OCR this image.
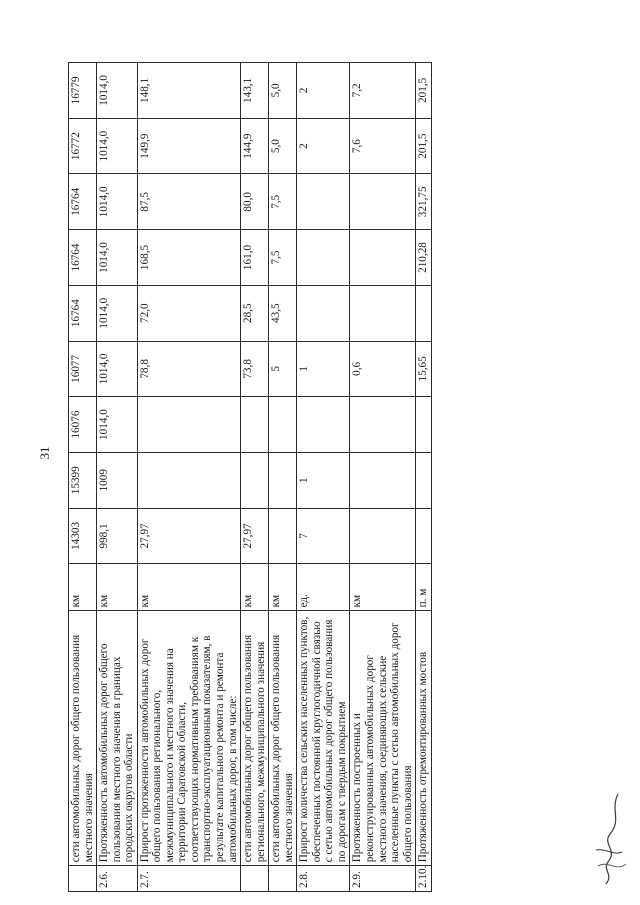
31
	сети автомобильных дорог общего пользования местного значения	км	14303	15399	16076	16077	16764	16764	16764	16772	16779
2.6.	Протяженность автомобильных дорог общего пользования местного значения в границах городских округов области	км	998,1	1009	1014,0	1014,0	1014,0	1014,0	1014,0	1014,0	1014,0
2.7.	Прирост протяженности автомобильных дорог общего пользования регионального, межмуниципального и местного значения на территории Саратовской области, соответствующих нормативным требованиям к транспортно-эксплуатационным показателям, в результате капитального ремонта и ремонта автомобильных дорог, в том числе:	км	27,97			78,8	72,0	168,5	87,5	149,9	148,1
	сети автомобильных дорог общего пользования регионального, межмуниципального значения	км	27,97			73,8	28,5	161,0	80,0	144,9	143,1
	сети автомобильных дорог общего пользования местного значения	км				5	43,5	7,5	7,5	5,0	5,0
2.8.	Прирост количества сельских населенных пунктов, обеспеченных постоянной круглогодичной связью с сетью автомобильных дорог общего пользования по дорогам с твердым покрытием	ед.	7	1		1				2	2
2.9.	Протяженность построенных и реконструированных автомобильных дорог местного значения, соединяющих сельские населенные пункты с сетью автомобильных дорог общего пользования	км				0,6				7,6	7,2
2.10.	Протяженность отремонтированных мостов	п. м				15,65		210,28	321,75	201,5	201,5
